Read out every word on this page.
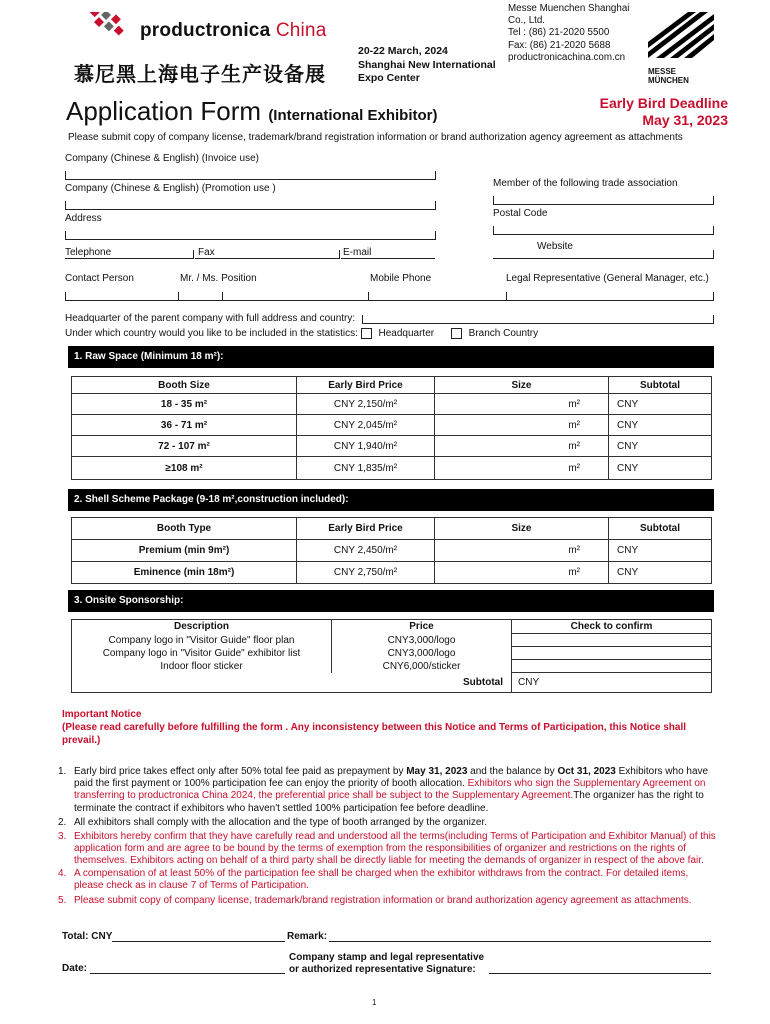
productronica China
慕尼黑上海电子生产设备展
20-22 March, 2024
Shanghai New International
Expo Center
Messe Muenchen Shanghai
Co., Ltd.
Tel : (86) 21-2020 5500
Fax: (86) 21-2020 5688
productronicachina.com.cn
MESSE
MÜNCHEN
Application Form (International Exhibitor)
Early Bird Deadline
May 31, 2023
Please submit copy of company license, trademark/brand registration information or brand authorization agency agreement as attachments
Company (Chinese & English) (Invoice use)
Company (Chinese & English) (Promotion use )	Member of the following trade association
Address	Postal Code
Telephone	Fax	E-mail
Website
Contact Person	Mr. / Ms. Position	Mobile Phone	Legal Representative (General Manager, etc.)
Headquarter of the parent company with full address and country:
Under which country would you like to be included in the statistics: Headquarter	Branch Country
1. Raw Space (Minimum 18 m²):
Booth Size	Early Bird Price	Size	Subtotal
18 - 35 m²	CNY 2,150/m²	m²	CNY
36 - 71 m²	CNY 2,045/m²	m²	CNY
72 - 107 m²	CNY 1,940/m²	m²	CNY
≥108 m²	CNY 1,835/m²	m²	CNY
2. Shell Scheme Package (9-18 m²,construction included):
Booth Type	Early Bird Price	Size	Subtotal
Premium (min 9m²)	CNY 2,450/m²	m²	CNY
Eminence (min 18m²)	CNY 2,750/m²	m²	CNY
3. Onsite Sponsorship:
Description	Price	Check to confirm
Company logo in "Visitor Guide" floor plan	CNY3,000/logo	
Company logo in "Visitor Guide" exhibitor list	CNY3,000/logo	
Indoor floor sticker	CNY6,000/sticker	
Subtotal		CNY
Important Notice
(Please read carefully before fulfilling the form . Any inconsistency between this Notice and Terms of Participation, this Notice shall prevail.)
1. Early bird price takes effect only after 50% total fee paid as prepayment by May 31, 2023 and the balance by Oct 31, 2023 Exhibitors who have paid the first payment or 100% participation fee can enjoy the priority of booth allocation. Exhibitors who sign the Supplementary Agreement on transferring to productronica China 2024, the preferential price shall be subject to the Supplementary Agreement.The organizer has the right to terminate the contract if exhibitors who haven't settled 100% participation fee before deadline.
2. All exhibitors shall comply with the allocation and the type of booth arranged by the organizer.
3. Exhibitors hereby confirm that they have carefully read and understood all the terms(including Terms of Participation and Exhibitor Manual) of this application form and are agree to be bound by the terms of exemption from the responsibilities of organizer and restrictions on the rights of themselves. Exhibitors acting on behalf of a third party shall be directly liable for meeting the demands of organizer in respect of the above fair.
4. A compensation of at least 50% of the participation fee shall be charged when the exhibitor withdraws from the contract. For detailed items, please check as in clause 7 of Terms of Participation.
5. Please submit copy of company license, trademark/brand registration information or brand authorization agency agreement as attachments.
Total: CNY	Remark:
Company stamp and legal representative
or authorized representative Signature:
Date:
1
